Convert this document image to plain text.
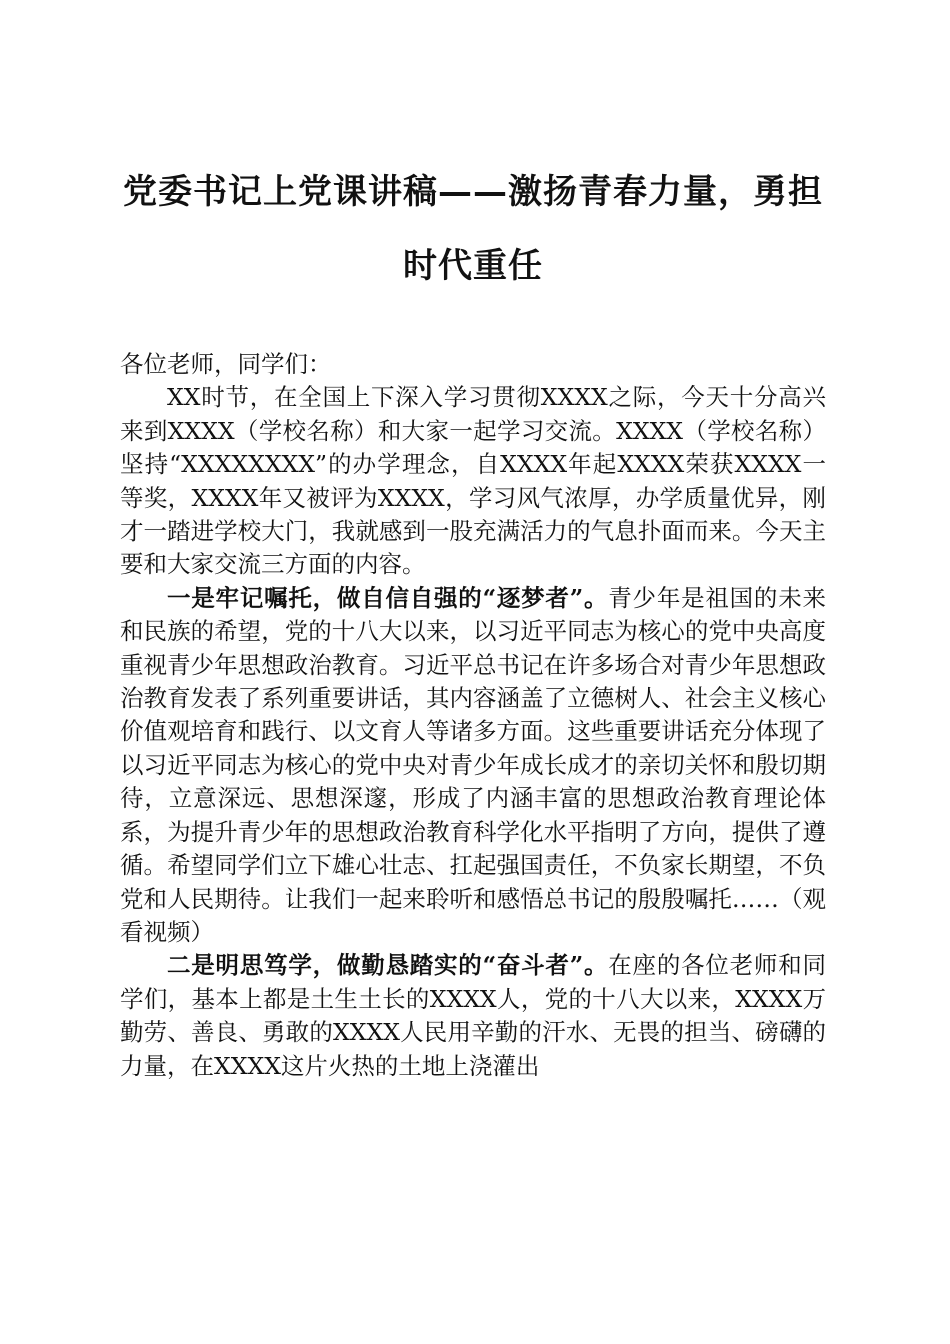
党委书记上党课讲稿——激扬青春力量，勇担
时代重任

各位老师，同学们：

XX时节，在全国上下深入学习贯彻XXXX之际，今天十分高兴来到XXXX（学校名称）和大家一起学习交流。XXXX（学校名称）坚持“XXXXXXXX”的办学理念，自XXXX年起XXXX荣获XXXX一等奖，XXXX年又被评为XXXX，学习风气浓厚，办学质量优异，刚才一踏进学校大门，我就感到一股充满活力的气息扑面而来。今天主要和大家交流三方面的内容。

一是牢记嘱托，做自信自强的“逐梦者”。青少年是祖国的未来和民族的希望，党的十八大以来，以习近平同志为核心的党中央高度重视青少年思想政治教育。习近平总书记在许多场合对青少年思想政治教育发表了系列重要讲话，其内容涵盖了立德树人、社会主义核心价值观培育和践行、以文育人等诸多方面。这些重要讲话充分体现了以习近平同志为核心的党中央对青少年成长成才的亲切关怀和殷切期待，立意深远、思想深邃，形成了内涵丰富的思想政治教育理论体系，为提升青少年的思想政治教育科学化水平指明了方向，提供了遵循。希望同学们立下雄心壮志、扛起强国责任，不负家长期望，不负党和人民期待。让我们一起来聆听和感悟总书记的殷殷嘱托……（观看视频）

二是明思笃学，做勤恳踏实的“奋斗者”。在座的各位老师和同学们，基本上都是土生土长的XXXX人，党的十八大以来，XXXX万勤劳、善良、勇敢的XXXX人民用辛勤的汗水、无畏的担当、磅礴的力量，在XXXX这片火热的土地上浇灌出
